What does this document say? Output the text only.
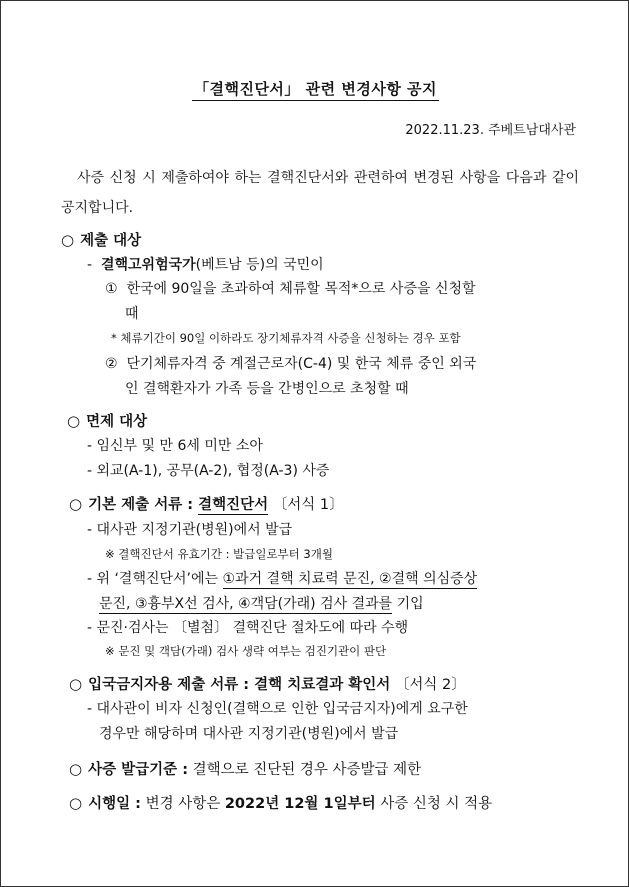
「결핵진단서」 관련 변경사항 공지
2022.11.23. 주베트남대사관
사증 신청 시 제출하여야 하는 결핵진단서와 관련하여 변경된 사항을 다음과 같이 공지합니다.
○ 제출 대상
- 결핵고위험국가(베트남 등)의 국민이
① 한국에 90일을 초과하여 체류할 목적*으로 사증을 신청할
때
* 체류기간이 90일 이하라도 장기체류자격 사증을 신청하는 경우 포함
② 단기체류자격 중 계절근로자(C-4) 및 한국 체류 중인 외국
인 결핵환자가 가족 등을 간병인으로 초청할 때
○ 면제 대상
- 임신부 및 만 6세 미만 소아
- 외교(A-1), 공무(A-2), 협정(A-3) 사증
○ 기본 제출 서류 : 결핵진단서 〔서식 1〕
- 대사관 지정기관(병원)에서 발급
※ 결핵진단서 유효기간 : 발급일로부터 3개월
- 위 ‘결핵진단서’에는 ①과거 결핵 치료력 문진, ②결핵 의심증상
문진, ③흉부X선 검사, ④객담(가래) 검사 결과를 기입
- 문진·검사는 〔별첨〕 결핵진단 절차도에 따라 수행
※ 문진 및 객담(가래) 검사 생략 여부는 검진기관이 판단
○ 입국금지자용 제출 서류 : 결핵 치료결과 확인서 〔서식 2〕
- 대사관이 비자 신청인(결핵으로 인한 입국금지자)에게 요구한
경우만 해당하며 대사관 지정기관(병원)에서 발급
○ 사증 발급기준 : 결핵으로 진단된 경우 사증발급 제한
○ 시행일 : 변경 사항은 2022년 12월 1일부터 사증 신청 시 적용
